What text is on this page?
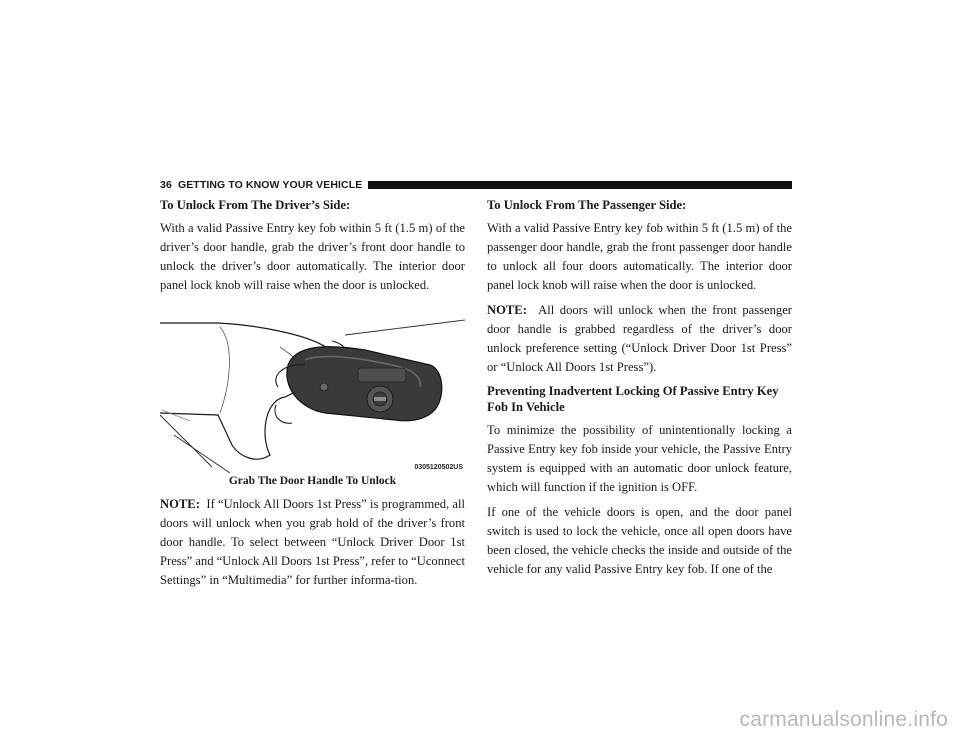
36 GETTING TO KNOW YOUR VEHICLE

To Unlock From The Driver’s Side:

With a valid Passive Entry key fob within 5 ft (1.5 m) of the driver’s door handle, grab the driver’s front door handle to unlock the driver’s door automatically. The interior door panel lock knob will raise when the door is unlocked.

0305120502US

Grab The Door Handle To Unlock

NOTE: If “Unlock All Doors 1st Press” is programmed, all doors will unlock when you grab hold of the driver’s front door handle. To select between “Unlock Driver Door 1st Press” and “Unlock All Doors 1st Press”, refer to “Uconnect Settings” in “Multimedia” for further informa-tion.

To Unlock From The Passenger Side:

With a valid Passive Entry key fob within 5 ft (1.5 m) of the passenger door handle, grab the front passenger door handle to unlock all four doors automatically. The interior door panel lock knob will raise when the door is unlocked.

NOTE: All doors will unlock when the front passenger door handle is grabbed regardless of the driver’s door unlock preference setting (“Unlock Driver Door 1st Press” or “Unlock All Doors 1st Press”).

Preventing Inadvertent Locking Of Passive Entry Key Fob In Vehicle

To minimize the possibility of unintentionally locking a Passive Entry key fob inside your vehicle, the Passive Entry system is equipped with an automatic door unlock feature, which will function if the ignition is OFF.

If one of the vehicle doors is open, and the door panel switch is used to lock the vehicle, once all open doors have been closed, the vehicle checks the inside and outside of the vehicle for any valid Passive Entry key fob. If one of the

carmanualsonline.info
